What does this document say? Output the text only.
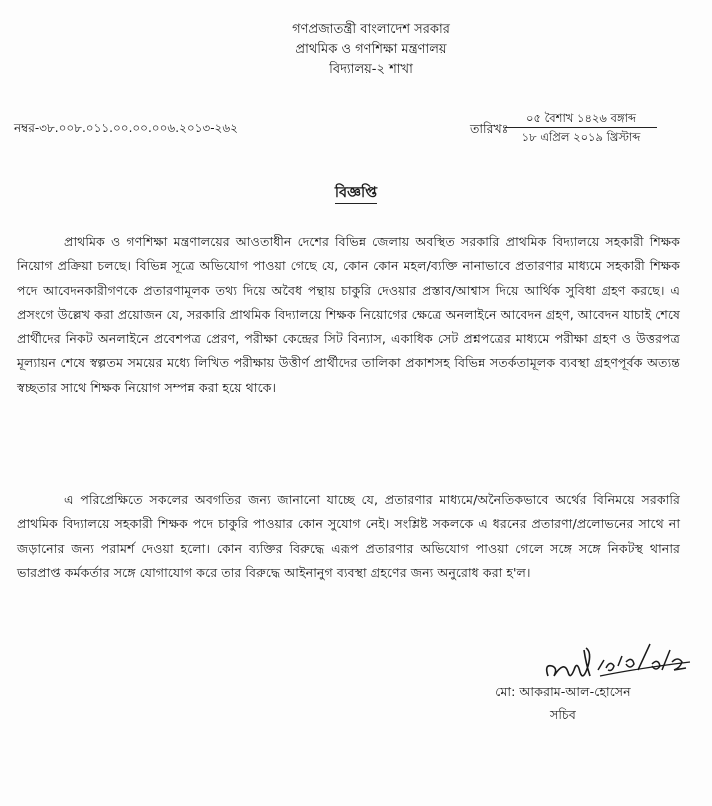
গণপ্রজাতন্ত্রী বাংলাদেশ সরকার
প্রাথমিক ও গণশিক্ষা মন্ত্রণালয়
বিদ্যালয়-২ শাখা
নম্বর-৩৮.০০৮.০১১.০০.০০.০০৬.২০১৩-২৬২	তারিখঃ
০৫ বৈশাখ ১৪২৬ বঙ্গাব্দ
১৮ এপ্রিল ২০১৯ খ্রিস্টাব্দ
বিজ্ঞপ্তি

প্রাথমিক ও গণশিক্ষা মন্ত্রণালয়ের আওতাধীন দেশের বিভিন্ন জেলায় অবস্থিত সরকারি প্রাথমিক বিদ্যালয়ে সহকারী শিক্ষক নিয়োগ প্রক্রিয়া চলছে। বিভিন্ন সূত্রে অভিযোগ পাওয়া গেছে যে, কোন কোন মহল/ব্যক্তি নানাভাবে প্রতারণার মাধ্যমে সহকারী শিক্ষক পদে আবেদনকারীগণকে প্রতারণামূলক তথ্য দিয়ে অবৈধ পন্থায় চাকুরি দেওয়ার প্রস্তাব/আশ্বাস দিয়ে আর্থিক সুবিধা গ্রহণ করছে। এ প্রসংগে উল্লেখ করা প্রয়োজন যে, সরকারি প্রাথমিক বিদ্যালয়ে শিক্ষক নিয়োগের ক্ষেত্রে অনলাইনে আবেদন গ্রহণ, আবেদন যাচাই শেষে প্রার্থীদের নিকট অনলাইনে প্রবেশপত্র প্রেরণ, পরীক্ষা কেন্দ্রের সিট বিন্যাস, একাধিক সেট প্রশ্নপত্রের মাধ্যমে পরীক্ষা গ্রহণ ও উত্তরপত্র মূল্যায়ন শেষে স্বল্পতম সময়ের মধ্যে লিখিত পরীক্ষায় উত্তীর্ণ প্রার্থীদের তালিকা প্রকাশসহ বিভিন্ন সতর্কতামূলক ব্যবস্থা গ্রহণপূর্বক অত্যন্ত স্বচ্ছতার সাথে শিক্ষক নিয়োগ সম্পন্ন করা হয়ে থাকে।

এ পরিপ্রেক্ষিতে সকলের অবগতির জন্য জানানো যাচ্ছে যে, প্রতারণার মাধ্যমে/অনৈতিকভাবে অর্থের বিনিময়ে সরকারি প্রাথমিক বিদ্যালয়ে সহকারী শিক্ষক পদে চাকুরি পাওয়ার কোন সুযোগ নেই। সংশ্লিষ্ট সকলকে এ ধরনের প্রতারণা/প্রলোভনের সাথে না জড়ানোর জন্য পরামর্শ দেওয়া হলো। কোন ব্যক্তির বিরুদ্ধে এরূপ প্রতারণার অভিযোগ পাওয়া গেলে সঙ্গে সঙ্গে নিকটস্থ থানার ভারপ্রাপ্ত কর্মকর্তার সঙ্গে যোগাযোগ করে তার বিরুদ্ধে আইনানুগ ব্যবস্থা গ্রহণের জন্য অনুরোধ করা হ'ল।

মো: আকরাম-আল-হোসেন
সচিব
